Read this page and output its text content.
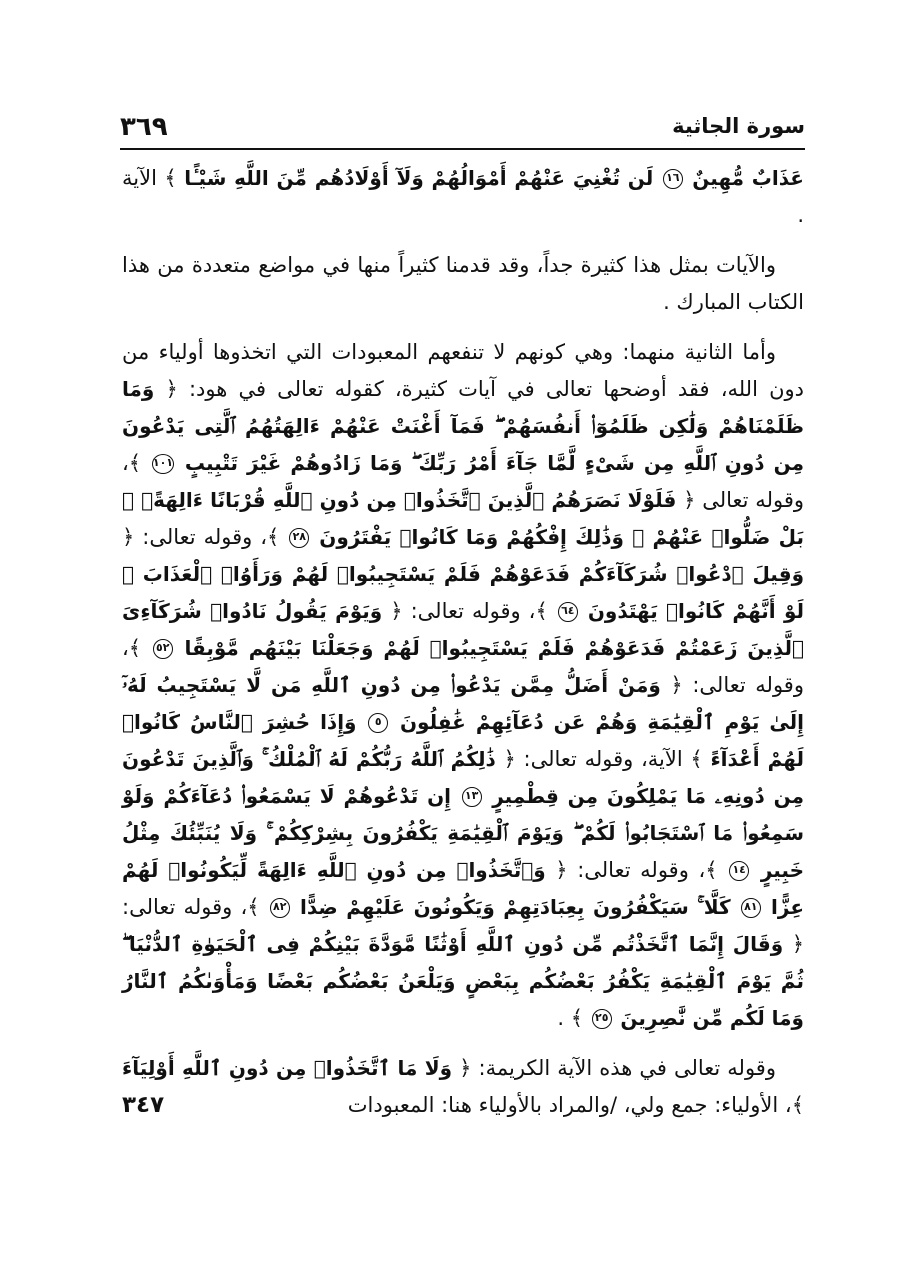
سورة الجاثية
٣٦٩

عَذَابٌ مُّهِينٌ ١٦ لَن تُغْنِيَ عَنْهُمْ أَمْوَالُهُمْ وَلَآ أَوْلَادُهُم مِّنَ اللَّهِ شَيْـًٔا ﴾ الآية .

والآيات بمثل هذا كثيرة جداً، وقد قدمنا كثيراً منها في مواضع متعددة من هذا الكتاب المبارك .

وأما الثانية منهما: وهي كونهم لا تنفعهم المعبودات التي اتخذوها أولياء من دون الله، فقد أوضحها تعالى في آيات كثيرة، كقوله تعالى في هود: ﴿ وَمَا ظَلَمْنَاهُمْ وَلَٰكِن ظَلَمُوٓا۟ أَنفُسَهُمْ ۖ فَمَآ أَغْنَتْ عَنْهُمْ ءَالِهَتُهُمُ ٱلَّتِى يَدْعُونَ مِن دُونِ ٱللَّهِ مِن شَىْءٍ لَّمَّا جَآءَ أَمْرُ رَبِّكَ ۖ وَمَا زَادُوهُمْ غَيْرَ تَتْبِيبٍ ١٠١ ﴾، وقوله تعالى ﴿ فَلَوْلَا نَصَرَهُمُ ٱلَّذِينَ ٱتَّخَذُوا۟ مِن دُونِ ٱللَّهِ قُرْبَانًا ءَالِهَةًۢ ۖ بَلْ ضَلُّوا۟ عَنْهُمْ ۚ وَذَٰلِكَ إِفْكُهُمْ وَمَا كَانُوا۟ يَفْتَرُونَ ٢٨ ﴾، وقوله تعالى: ﴿ وَقِيلَ ٱدْعُوا۟ شُرَكَآءَكُمْ فَدَعَوْهُمْ فَلَمْ يَسْتَجِيبُوا۟ لَهُمْ وَرَأَوُا۟ ٱلْعَذَابَ ۚ لَوْ أَنَّهُمْ كَانُوا۟ يَهْتَدُونَ ٦٤ ﴾، وقوله تعالى: ﴿ وَيَوْمَ يَقُولُ نَادُوا۟ شُرَكَآءِىَ ٱلَّذِينَ زَعَمْتُمْ فَدَعَوْهُمْ فَلَمْ يَسْتَجِيبُوا۟ لَهُمْ وَجَعَلْنَا بَيْنَهُم مَّوْبِقًا ٥٢ ﴾، وقوله تعالى: ﴿ وَمَنْ أَضَلُّ مِمَّن يَدْعُوا۟ مِن دُونِ ٱللَّهِ مَن لَّا يَسْتَجِيبُ لَهُۥٓ إِلَىٰ يَوْمِ ٱلْقِيَٰمَةِ وَهُمْ عَن دُعَآئِهِمْ غَٰفِلُونَ ٥ وَإِذَا حُشِرَ ٱلنَّاسُ كَانُوا۟ لَهُمْ أَعْدَآءً ﴾ الآية، وقوله تعالى: ﴿ ذَٰلِكُمُ ٱللَّهُ رَبُّكُمْ لَهُ ٱلْمُلْكُ ۚ وَٱلَّذِينَ تَدْعُونَ مِن دُونِهِۦ مَا يَمْلِكُونَ مِن قِطْمِيرٍ ١٣ إِن تَدْعُوهُمْ لَا يَسْمَعُوا۟ دُعَآءَكُمْ وَلَوْ سَمِعُوا۟ مَا ٱسْتَجَابُوا۟ لَكُمْ ۖ وَيَوْمَ ٱلْقِيَٰمَةِ يَكْفُرُونَ بِشِرْكِكُمْ ۚ وَلَا يُنَبِّئُكَ مِثْلُ خَبِيرٍ ١٤ ﴾، وقوله تعالى: ﴿ وَٱتَّخَذُوا۟ مِن دُونِ ٱللَّهِ ءَالِهَةً لِّيَكُونُوا۟ لَهُمْ عِزًّا ٨١ كَلَّا ۚ سَيَكْفُرُونَ بِعِبَادَتِهِمْ وَيَكُونُونَ عَلَيْهِمْ ضِدًّا ٨٢ ﴾، وقوله تعالى: ﴿ وَقَالَ إِنَّمَا ٱتَّخَذْتُم مِّن دُونِ ٱللَّهِ أَوْثَٰنًا مَّوَدَّةَ بَيْنِكُمْ فِى ٱلْحَيَوٰةِ ٱلدُّنْيَا ۖ ثُمَّ يَوْمَ ٱلْقِيَٰمَةِ يَكْفُرُ بَعْضُكُم بِبَعْضٍ وَيَلْعَنُ بَعْضُكُم بَعْضًا وَمَأْوَىٰكُمُ ٱلنَّارُ وَمَا لَكُم مِّن نَّٰصِرِينَ ٢٥ ﴾ .

وقوله تعالى في هذه الآية الكريمة: ﴿ وَلَا مَا ٱتَّخَذُوا۟ مِن دُونِ ٱللَّهِ أَوْلِيَآءَ ﴾، الأولياء: جمع ولي، /والمراد بالأولياء هنا: المعبودات
٣٤٧
